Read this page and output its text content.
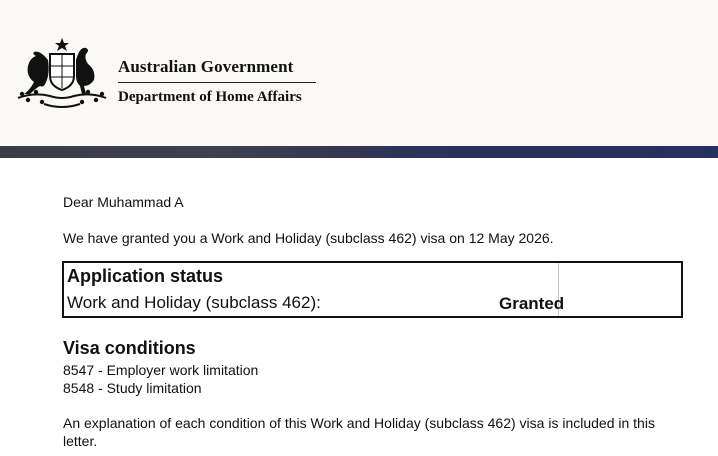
Australian Government
Department of Home Affairs
Dear Muhammad A
We have granted you a Work and Holiday (subclass 462) visa on 12 May 2026.
Application status
Work and Holiday (subclass 462):	Granted
Visa conditions
8547 - Employer work limitation
8548 - Study limitation
An explanation of each condition of this Work and Holiday (subclass 462) visa is included in this letter.
